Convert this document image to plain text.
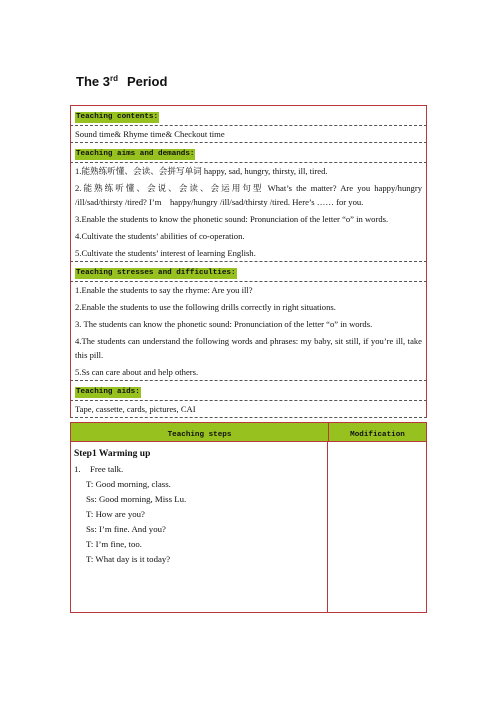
The 3rd Period
Teaching contents:

Sound time& Rhyme time& Checkout time

Teaching aims and demands:

1.能熟练听懂、会读、会拼写单词 happy, sad, hungry, thirsty, ill, tired.

2.能熟练听懂、会说、会读、会运用句型 What’s the matter? Are you happy/hungry /ill/sad/thirsty /tired? I’m　happy/hungry /ill/sad/thirsty /tired. Here’s …… for you.

3.Enable the students to know the phonetic sound: Pronunciation of the letter “o” in words.

4.Cultivate the students’ abilities of co-operation.

5.Cultivate the students’ interest of learning English.

Teaching stresses and difficulties:

1.Enable the students to say the rhyme: Are you ill?

2.Enable the students to use the following drills correctly in right situations.

3. The students can know the phonetic sound: Pronunciation of the letter “o” in words.

4.The students can understand the following words and phrases: my baby, sit still, if you’re ill, take this pill.

5.Ss can care about and help others.

Teaching aids:

Tape, cassette, cards, pictures, CAI

Teaching steps	Modification
Step1 Warming up
1. Free talk.
T: Good morning, class.
Ss: Good morning, Miss Lu.
T: How are you?
Ss: I’m fine. And you?
T: I’m fine, too.
T: What day is it today?
